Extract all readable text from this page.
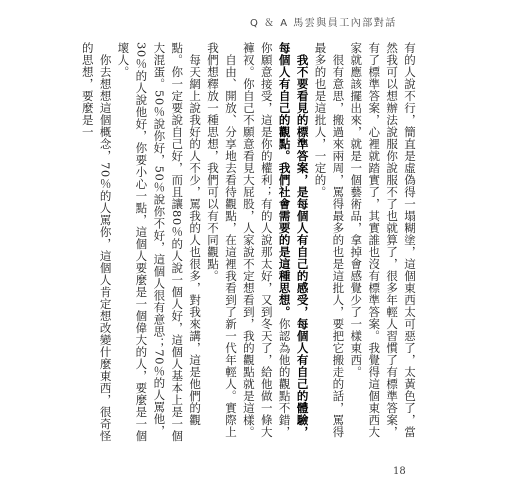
Q ＆ A 馬雲與員工內部對話

有的人說不行，簡直是虛偽得一塌糊塗，這個東西太可惡了，太黃色了，當然我可以想辦法說服你說服不了也就算了，很多年輕人習慣了有標準答案，有了標準答案，心裡就踏實了，其實誰也沒有標準答案。我覺得這個東西大家就應該擺出來，就是一個藝術品，拿掉會感覺少了一樣東西。

很有意思，搬過來兩周，罵得最多的也是這批人，要把它搬走的話，罵得最多的也是這批人，一定的。

我不要看見的標準答案，是每個人有自己的感受，每個人有自己的體驗，每個人有自己的觀點。我們社會需要的是這種思想。你認為他的觀點不錯，你願意接受，這是你的權利；有的人說那太好，又到冬天了，給他做一條大褲衩。你自己不願意看見大屁股，人家說不定想看到，我的觀點就是這樣。

自由、開放、分享地去看待觀點，在這裡我看到了新一代年輕人。實際上我們想釋放一種思想，我們可以有不同觀點。

每天網上說我好的人不少，罵我的人也很多，對我來講，這是他們的觀點。你一定要說自己好，而且讓80％的人說一個人好，這個人基本上是一個大混蛋。50％說你好，50％說你不好，這個人很有意思；70％的人罵他，30％的人說他好，你要小心一點，這個人要麼是一個偉大的人，要麼是一個壞人。

你去想想這個概念，70％的人罵你，這個人肯定想改變什麼東西，很奇怪的思想，要麼是一

18
